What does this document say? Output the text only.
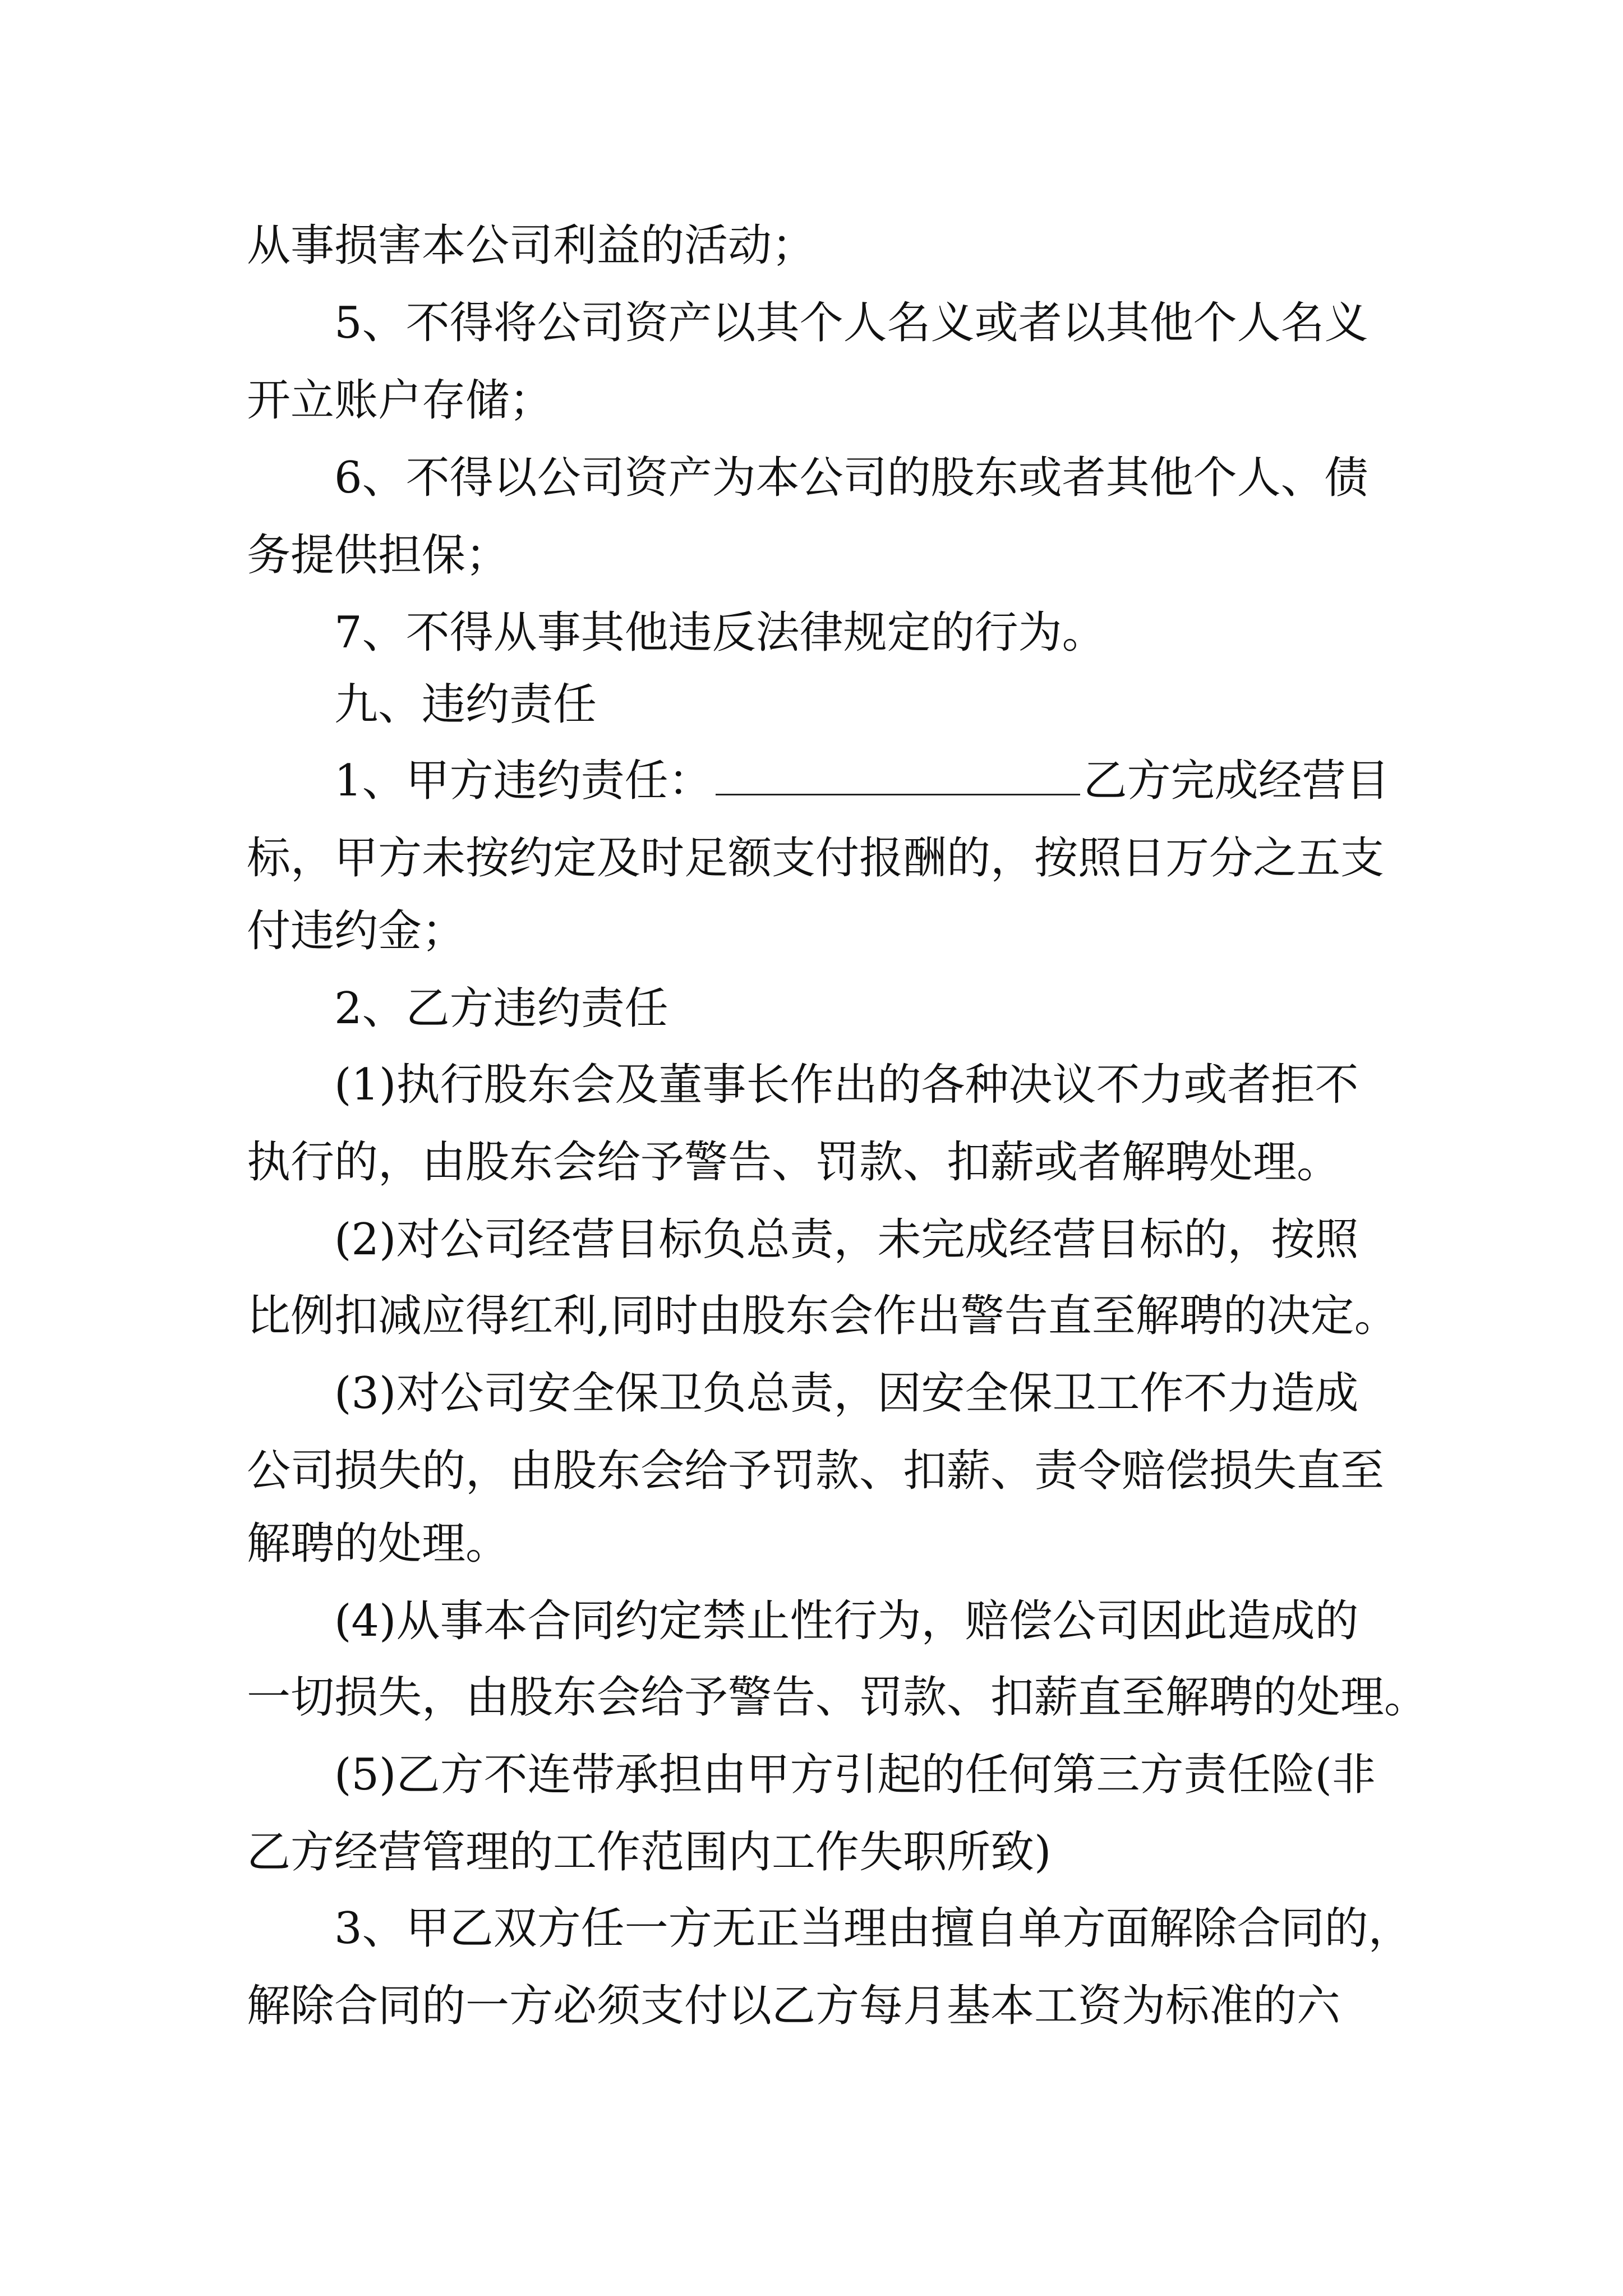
从事损害本公司利益的活动；
5、不得将公司资产以其个人名义或者以其他个人名义
开立账户存储；
6、不得以公司资产为本公司的股东或者其他个人、债
务提供担保；
7、不得从事其他违反法律规定的行为。
九、违约责任
1、甲方违约责任：	乙方完成经营目
标，甲方未按约定及时足额支付报酬的，按照日万分之五支
付违约金；
2、乙方违约责任
(1)执行股东会及董事长作出的各种决议不力或者拒不
执行的，由股东会给予警告、罚款、扣薪或者解聘处理。
(2)对公司经营目标负总责，未完成经营目标的，按照
比例扣减应得红利,同时由股东会作出警告直至解聘的决定。
(3)对公司安全保卫负总责，因安全保卫工作不力造成
公司损失的，由股东会给予罚款、扣薪、责令赔偿损失直至
解聘的处理。
(4)从事本合同约定禁止性行为，赔偿公司因此造成的
一切损失，由股东会给予警告、罚款、扣薪直至解聘的处理。
(5)乙方不连带承担由甲方引起的任何第三方责任险(非
乙方经营管理的工作范围内工作失职所致)
3、甲乙双方任一方无正当理由擅自单方面解除合同的，
解除合同的一方必须支付以乙方每月基本工资为标准的六
